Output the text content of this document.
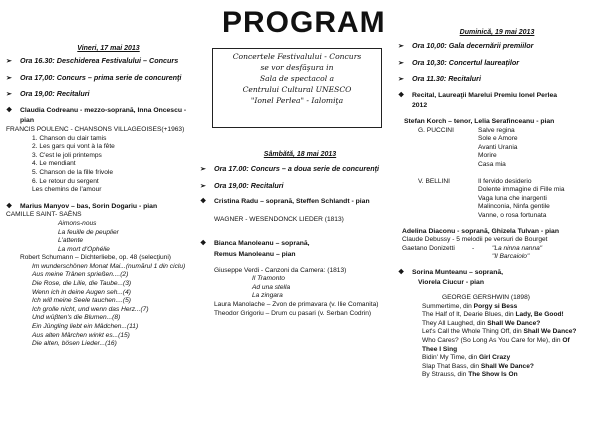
PROGRAM
Concertele Festivalului - Concurs
se vor desfăşura in
Sala de spectacol a
Centrului Cultural UNESCO
"Ionel Perlea" - Ialomiţa
Vineri, 17 mai 2013
➢ Ora 16.30: Deschiderea Festivalului – Concurs
➢ Ora 17,00: Concurs – prima serie de concurenţi
➢ Ora 19,00: Recitaluri
❖ Claudia Codreanu - mezzo-soprană, Inna Oncescu -
pian
FRANCIS POULENC - CHANSONS VILLAGEOISES(+1963)
1. Chanson du clair tamis
2. Les gars qui vont à la fête
3. C'est le joli printemps
4. Le mendiant
5. Chanson de la fille frivole
6. Le retour du sergent
Les chemins de l'amour
❖ Marius Manyov – bas, Sorin Dogariu - pian
CAMILLE SAINT- SAËNS
Aimons-nous
La feuille de peuplier
L'attente
La mort d'Ophélie
Robert Schumann – Dichterliebe, op. 48 (selecţiuni)
Im wunderschönen Monat Mai...(numărul 1 din ciclu)
Aus meine Tränen spriеßen....(2)
Die Rose, die Lilie, die Taube...(3)
Wenn ich in deine Augen seh...(4)
Ich will meine Seele tauchen....(5)
Ich grolle nicht, und wenn das Herz...(7)
Und wüβten's die Blumen...(8)
Ein Jüngling liebt ein Mädchen...(11)
Aus alten Märchen winkt es...(15)
Die alten, bösen Lieder...(16)
Sâmbătă, 18 mai 2013
➢ Ora 17.00: Concurs – a doua serie de concurenţi
➢ Ora 19,00: Recitaluri
❖ Cristina Radu – soprană, Steffen Schlandt - pian
WAGNER - WESENDONCK LIEDER (1813)
❖ Bianca Manoleanu – soprană,
Remus Manoleanu – pian
Giuseppe Verdi - Canzoni da Camera: (1813)
Il Tramonto
Ad una stella
La zingara
Laura Manolache – Zvon de primavara (v. Ilie Comanita)
Theodor Grigoriu – Drum cu pasari (v. Serban Codrin)
Duminică, 19 mai 2013
➢ Ora 10,00: Gala decernării premiilor
➢ Ora 10,30: Concertul laureaţilor
➢ Ora 11.30: Recitaluri
❖ Recital, Laureaţii Marelui Premiu Ionel Perlea
2012
Stefan Korch – tenor, Lelia Serafinceanu - pian
G. PUCCINI	Salve regina
Sole e Amore
Avanti Urania
Morire
Casa mia
V. BELLINI	Il fervido desiderio
Dolente immagine di Fille mia
Vaga luna che inargenti
Malinconia, Ninfa gentile
Vanne, o rosa fortunata
Adelina Diaconu - soprană, Ghizela Tulvan - pian
Claude Debussy - 5 melodii pe versuri de Bourget
Gaetano Donizetti	-	"La ninna nanna"
"Il Barcaiolo"
❖ Sorina Munteanu – soprană,
Viorela Ciucur - pian
GEORGE GERSHWIN (1898)
Summertime, din Porgy si Bess
The Half of It, Dearie Blues, din Lady, Be Good!
They All Laughed, din Shall We Dance?
Let's Call the Whole Thing Off, din Shall We Dance?
Who Cares? (So Long As You Care for Me), din Of
Thee I Sing
Bidin' My Time, din Girl Crazy
Slap That Bass, din Shall We Dance?
By Strauss, din The Show Is On
